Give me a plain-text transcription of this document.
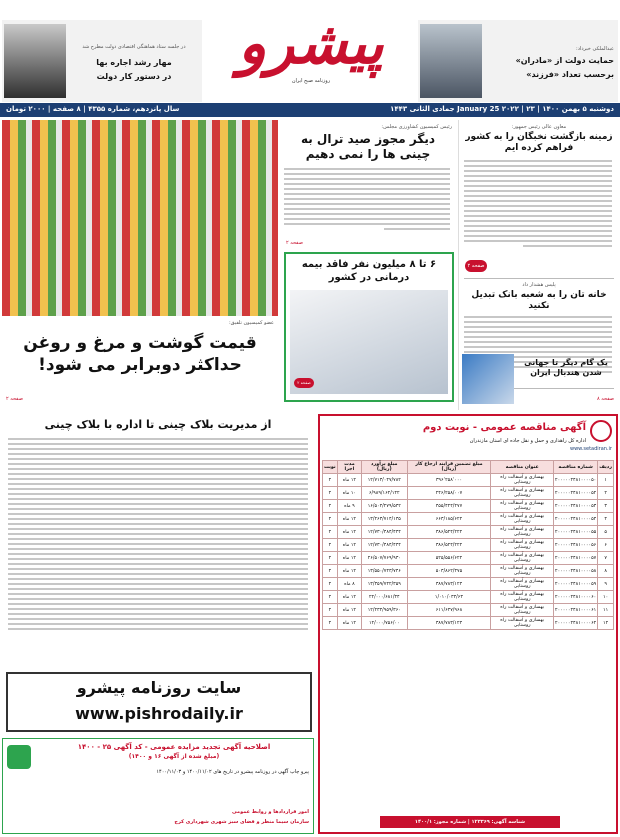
عبدالملکی خبرداد:
حمایت دولت از «مادران»
برحسب تعداد «فرزند»
پیشرو
روزنامه صبح ایران
در جلسه ستاد هماهنگی اقتصادی دولت مطرح شد
مهار رشد اجاره بها
در دستور کار دولت
دوشنبه ۵ بهمن ۱۴۰۰ | January 25 ۲۰۲۲ | ۲۳ جمادی الثانی ۱۴۴۳
سال پانزدهم، شماره ۴۳۵۵ | ۸ صفحه | ۲۰۰۰ تومان
معاون عالی رئیس جمهور:
زمینه بازگشت نخبگان را به کشور فراهم کرده ایم
صفحه ۲
پلیس هشدار داد
خانه تان را به شعبه بانک تبدیل نکنید
یک گام دیگر تا جهانی شدن هندبال ایران
صفحه ۸
رئیس کمیسیون کشاورزی مجلس:
دیگر مجوز صید ترال به چینی ها را نمی دهیم
صفحه ۲
۶ تا ۸ میلیون نفر فاقد بیمه درمانی در کشور
صفحه ۲
عضو کمیسیون تلفیق:
قیمت گوشت و مرغ و روغن حداکثر دوبرابر می شود!
صفحه ۲
آگهی مناقصه عمومی - نوبت دوم
اداره کل راهداری و حمل و نقل جاده ای استان مازندران
www.setadiran.ir
ردیف	شماره مناقصه	عنوان مناقصه	مبلغ تضمین فرایند ارجاع کار (ریال)	مبلغ برآورد (ریال)	مدت اجرا	نوبت
۱	۲۰۰۰۰۰۲۴۸۱۰۰۰۰۵۰	بهسازی و آسفالت راه روستایی	۳۹۶٬۲۵۸٬۰۰۰	۱۲/۷۱۳/۰۴۷/۷۸۲	۱۲ ماه	۲
۲	۲۰۰۰۰۰۲۴۸۱۰۰۰۰۵۲	بهسازی و آسفالت راه روستایی	۲۴۶/۲۵۸/۰۰۷	۶/۹۸۹/۱۶۲/۱۴۲	۱۰ ماه	۲
۳	۲۰۰۰۰۰۲۴۸۱۰۰۰۰۵۳	بهسازی و آسفالت راه روستایی	۴۵۵/۴۲۴/۴۷۷	۱۶/۵۰۴/۲۷۹/۵۴۲	۹ ماه	۲
۴	۲۰۰۰۰۰۲۴۸۱۰۰۰۰۵۴	بهسازی و آسفالت راه روستایی	۶۶۳/۱۸۵/۶۲۲	۱۳/۲۶۳/۷۱۴/۱۳۵	۱۲ ماه	۲
۵	۲۰۰۰۰۰۲۴۸۱۰۰۰۰۵۵	بهسازی و آسفالت راه روستایی	۳۸۶/۵۲۴/۲۲۲	۱۲/۷۳۰/۴۸۴/۴۴۴	۱۲ ماه	۲
۶	۲۰۰۰۰۰۲۴۸۱۰۰۰۰۵۶	بهسازی و آسفالت راه روستایی	۳۸۶/۵۲۴/۲۲۲	۱۲/۷۳۰/۴۸۴/۴۴۴	۱۲ ماه	۲
۷	۲۰۰۰۰۰۲۴۸۱۰۰۰۰۵۷	بهسازی و آسفالت راه روستایی	۵۲۵/۵۵۶/۶۲۲	۲۶/۵۰۷/۷۶۹/۹۳۰	۱۲ ماه	۲
۸	۲۰۰۰۰۰۲۴۸۱۰۰۰۰۵۸	بهسازی و آسفالت راه روستایی	۵۰۳/۸۶۲/۳۷۵	۱۳/۵۵۰/۷۴۳/۷۴۶	۱۲ ماه	۲
۹	۲۰۰۰۰۰۲۴۸۱۰۰۰۰۵۹	بهسازی و آسفالت راه روستایی	۳۸۷/۷۸۳/۱۲۴	۱۳/۳۵۹/۷۴۲/۳۵۹	۸ ماه	۲
۱۰	۲۰۰۰۰۰۲۴۸۱۰۰۰۰۶۰	بهسازی و آسفالت راه روستایی	۱/۰۱۰/۰۳۴/۶۳	۲۲/۰۰۰/۶۸۱/۳۴	۱۲ ماه	۲
۱۱	۲۰۰۰۰۰۲۴۸۱۰۰۰۰۶۱	بهسازی و آسفالت راه روستایی	۶۱۱/۶۴۷/۹۶۸	۱۲/۲۳۴/۹۵۹/۳۶۰	۱۲ ماه	۲
۱۲	۲۰۰۰۰۰۲۴۸۱۰۰۰۰۶۲	بهسازی و آسفالت راه روستایی	۳۸۷/۷۸۳/۱۲۴	۱۲/۰۰۰/۷۵۶/۰۰	۱۲ ماه	۲
شناسه آگهی: ۱۲۳۳۶۹ | شماره مجوز: ۱۴۰۰/۱
از مدیریت بلاک چینی تا اداره با بلاک چینی
سایت روزنامه پیشرو
www.pishrodaily.ir
اصلاحیه آگهی تجدید مزایده عمومی - کد آگهی ۲۵ - ۱۴۰۰
(مبلغ شده از آگهی ۱۶ و ۱۴۰۰)
پیرو چاپ آگهی در روزنامه پیشرو در تاریخ های ۱۴۰۰/۱۱/۰۲ و ۱۴۰۰/۱۱/۰۳
امور قراردادها و روابط عمومی
سازمان سیما منظر و فضای سبز شهری شهرداری کرج
